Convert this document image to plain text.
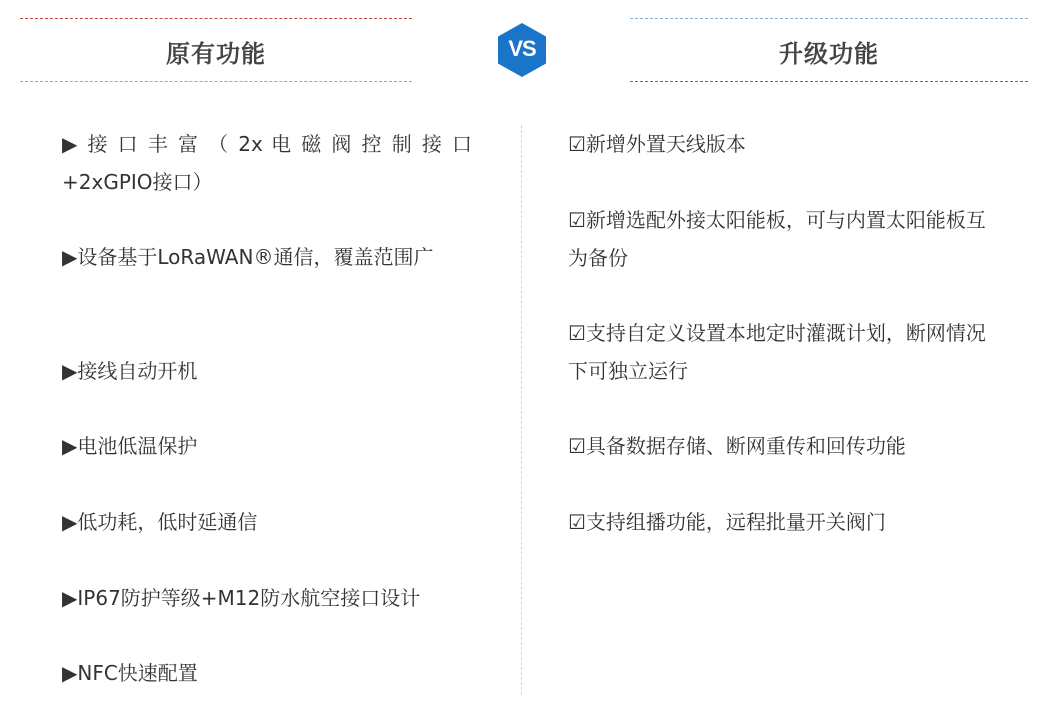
原有功能	VS	升级功能
▶ 接 口 丰 富 （ 2x 电 磁 阀 控 制 接 口 +2xGPIO接口）
▶设备基于LoRaWAN®通信，覆盖范围广
▶接线自动开机
▶电池低温保护
▶低功耗，低时延通信
▶IP67防护等级+M12防水航空接口设计
▶NFC快速配置
☑新增外置天线版本
☑新增选配外接太阳能板，可与内置太阳能板互为备份
☑支持自定义设置本地定时灌溉计划，断网情况下可独立运行
☑具备数据存储、断网重传和回传功能
☑支持组播功能，远程批量开关阀门
